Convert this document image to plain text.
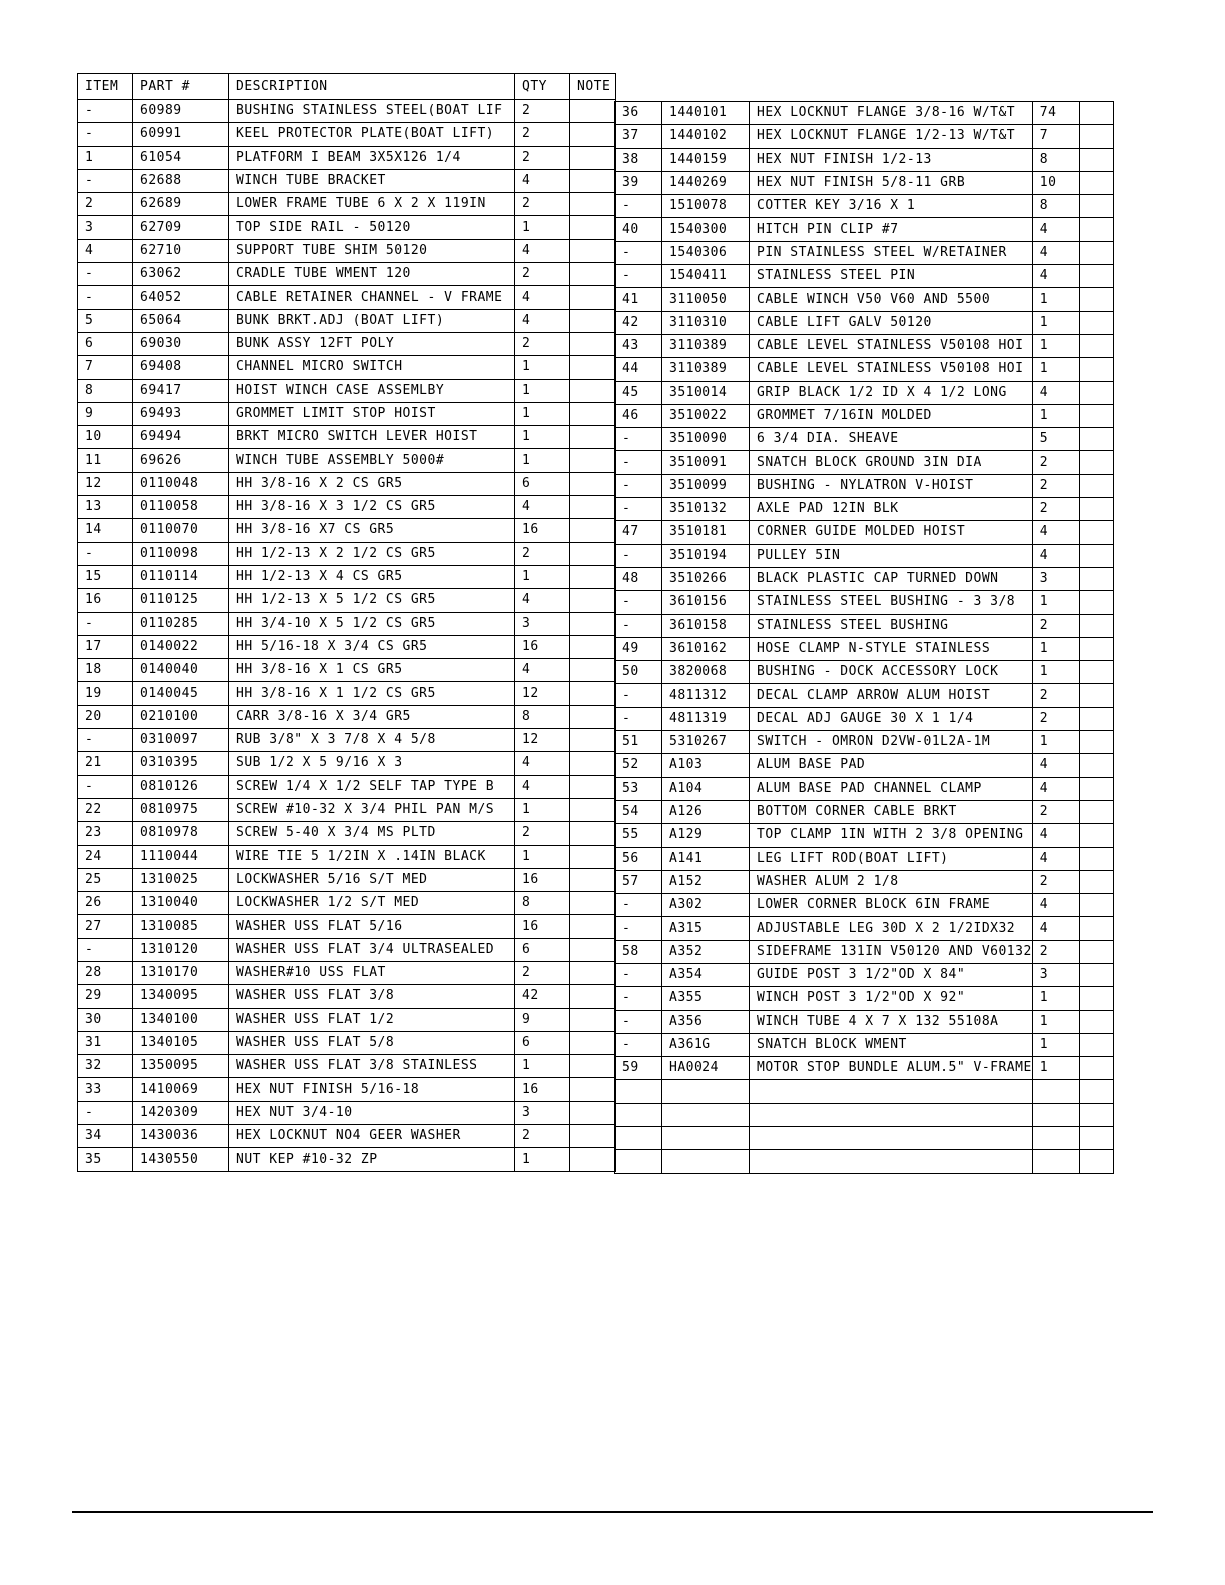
ITEM	PART #	DESCRIPTION	QTY	NOTE
-	60989	BUSHING STAINLESS STEEL(BOAT LIF	2	
-	60991	KEEL PROTECTOR PLATE(BOAT LIFT)	2	
1	61054	PLATFORM I BEAM 3X5X126 1/4	2	
-	62688	WINCH TUBE BRACKET	4	
2	62689	LOWER FRAME TUBE 6 X 2 X 119IN	2	
3	62709	TOP SIDE RAIL - 50120	1	
4	62710	SUPPORT TUBE SHIM 50120	4	
-	63062	CRADLE TUBE WMENT 120	2	
-	64052	CABLE RETAINER CHANNEL - V FRAME	4	
5	65064	BUNK BRKT.ADJ (BOAT LIFT)	4	
6	69030	BUNK ASSY 12FT POLY	2	
7	69408	CHANNEL MICRO SWITCH	1	
8	69417	HOIST WINCH CASE ASSEMLBY	1	
9	69493	GROMMET LIMIT STOP HOIST	1	
10	69494	BRKT MICRO SWITCH LEVER HOIST	1	
11	69626	WINCH TUBE ASSEMBLY 5000#	1	
12	0110048	HH 3/8-16 X 2 CS GR5	6	
13	0110058	HH 3/8-16 X 3 1/2 CS GR5	4	
14	0110070	HH 3/8-16 X7 CS GR5	16	
-	0110098	HH 1/2-13 X 2 1/2 CS GR5	2	
15	0110114	HH 1/2-13 X 4 CS GR5	1	
16	0110125	HH 1/2-13 X 5 1/2 CS GR5	4	
-	0110285	HH 3/4-10 X 5 1/2 CS GR5	3	
17	0140022	HH 5/16-18 X 3/4 CS GR5	16	
18	0140040	HH 3/8-16 X 1 CS GR5	4	
19	0140045	HH 3/8-16 X 1 1/2 CS GR5	12	
20	0210100	CARR 3/8-16 X 3/4 GR5	8	
-	0310097	RUB 3/8" X 3 7/8 X 4 5/8	12	
21	0310395	SUB 1/2 X 5 9/16 X 3	4	
-	0810126	SCREW 1/4 X 1/2 SELF TAP TYPE B	4	
22	0810975	SCREW #10-32 X 3/4 PHIL PAN M/S	1	
23	0810978	SCREW 5-40 X 3/4 MS PLTD	2	
24	1110044	WIRE TIE 5 1/2IN X .14IN BLACK	1	
25	1310025	LOCKWASHER 5/16 S/T MED	16	
26	1310040	LOCKWASHER 1/2 S/T MED	8	
27	1310085	WASHER USS FLAT 5/16	16	
-	1310120	WASHER USS FLAT 3/4 ULTRASEALED	6	
28	1310170	WASHER#10 USS FLAT	2	
29	1340095	WASHER USS FLAT 3/8	42	
30	1340100	WASHER USS FLAT 1/2	9	
31	1340105	WASHER USS FLAT 5/8	6	
32	1350095	WASHER USS FLAT 3/8 STAINLESS	1	
33	1410069	HEX NUT FINISH 5/16-18	16	
-	1420309	HEX NUT 3/4-10	3	
34	1430036	HEX LOCKNUT NO4 GEER WASHER	2	
35	1430550	NUT KEP #10-32 ZP	1	
36	1440101	HEX LOCKNUT FLANGE 3/8-16 W/T&T	74	
37	1440102	HEX LOCKNUT FLANGE 1/2-13 W/T&T	7	
38	1440159	HEX NUT FINISH 1/2-13	8	
39	1440269	HEX NUT FINISH 5/8-11 GRB	10	
-	1510078	COTTER KEY 3/16 X 1	8	
40	1540300	HITCH PIN CLIP #7	4	
-	1540306	PIN STAINLESS STEEL W/RETAINER	4	
-	1540411	STAINLESS STEEL PIN	4	
41	3110050	CABLE WINCH V50 V60 AND 5500	1	
42	3110310	CABLE LIFT GALV 50120	1	
43	3110389	CABLE LEVEL STAINLESS V50108 HOI	1	
44	3110389	CABLE LEVEL STAINLESS V50108 HOI	1	
45	3510014	GRIP BLACK 1/2 ID X 4 1/2 LONG	4	
46	3510022	GROMMET 7/16IN MOLDED	1	
-	3510090	6 3/4 DIA. SHEAVE	5	
-	3510091	SNATCH BLOCK GROUND 3IN DIA	2	
-	3510099	BUSHING - NYLATRON V-HOIST	2	
-	3510132	AXLE PAD 12IN BLK	2	
47	3510181	CORNER GUIDE MOLDED HOIST	4	
-	3510194	PULLEY 5IN	4	
48	3510266	BLACK PLASTIC CAP TURNED DOWN	3	
-	3610156	STAINLESS STEEL BUSHING - 3 3/8	1	
-	3610158	STAINLESS STEEL BUSHING	2	
49	3610162	HOSE CLAMP N-STYLE STAINLESS	1	
50	3820068	BUSHING - DOCK ACCESSORY LOCK	1	
-	4811312	DECAL CLAMP ARROW ALUM HOIST	2	
-	4811319	DECAL ADJ GAUGE 30 X 1 1/4	2	
51	5310267	SWITCH - OMRON D2VW-01L2A-1M	1	
52	A103	ALUM BASE PAD	4	
53	A104	ALUM BASE PAD CHANNEL CLAMP	4	
54	A126	BOTTOM CORNER CABLE BRKT	2	
55	A129	TOP CLAMP 1IN WITH 2 3/8 OPENING	4	
56	A141	LEG LIFT ROD(BOAT LIFT)	4	
57	A152	WASHER ALUM 2 1/8	2	
-	A302	LOWER CORNER BLOCK 6IN FRAME	4	
-	A315	ADJUSTABLE LEG 30D X 2 1/2IDX32	4	
58	A352	SIDEFRAME 131IN V50120 AND V60132	2	
-	A354	GUIDE POST 3 1/2"OD X 84"	3	
-	A355	WINCH POST 3 1/2"OD X 92"	1	
-	A356	WINCH TUBE 4 X 7 X 132 55108A	1	
-	A361G	SNATCH BLOCK WMENT	1	
59	HA0024	MOTOR STOP BUNDLE ALUM.5" V-FRAME	1	
